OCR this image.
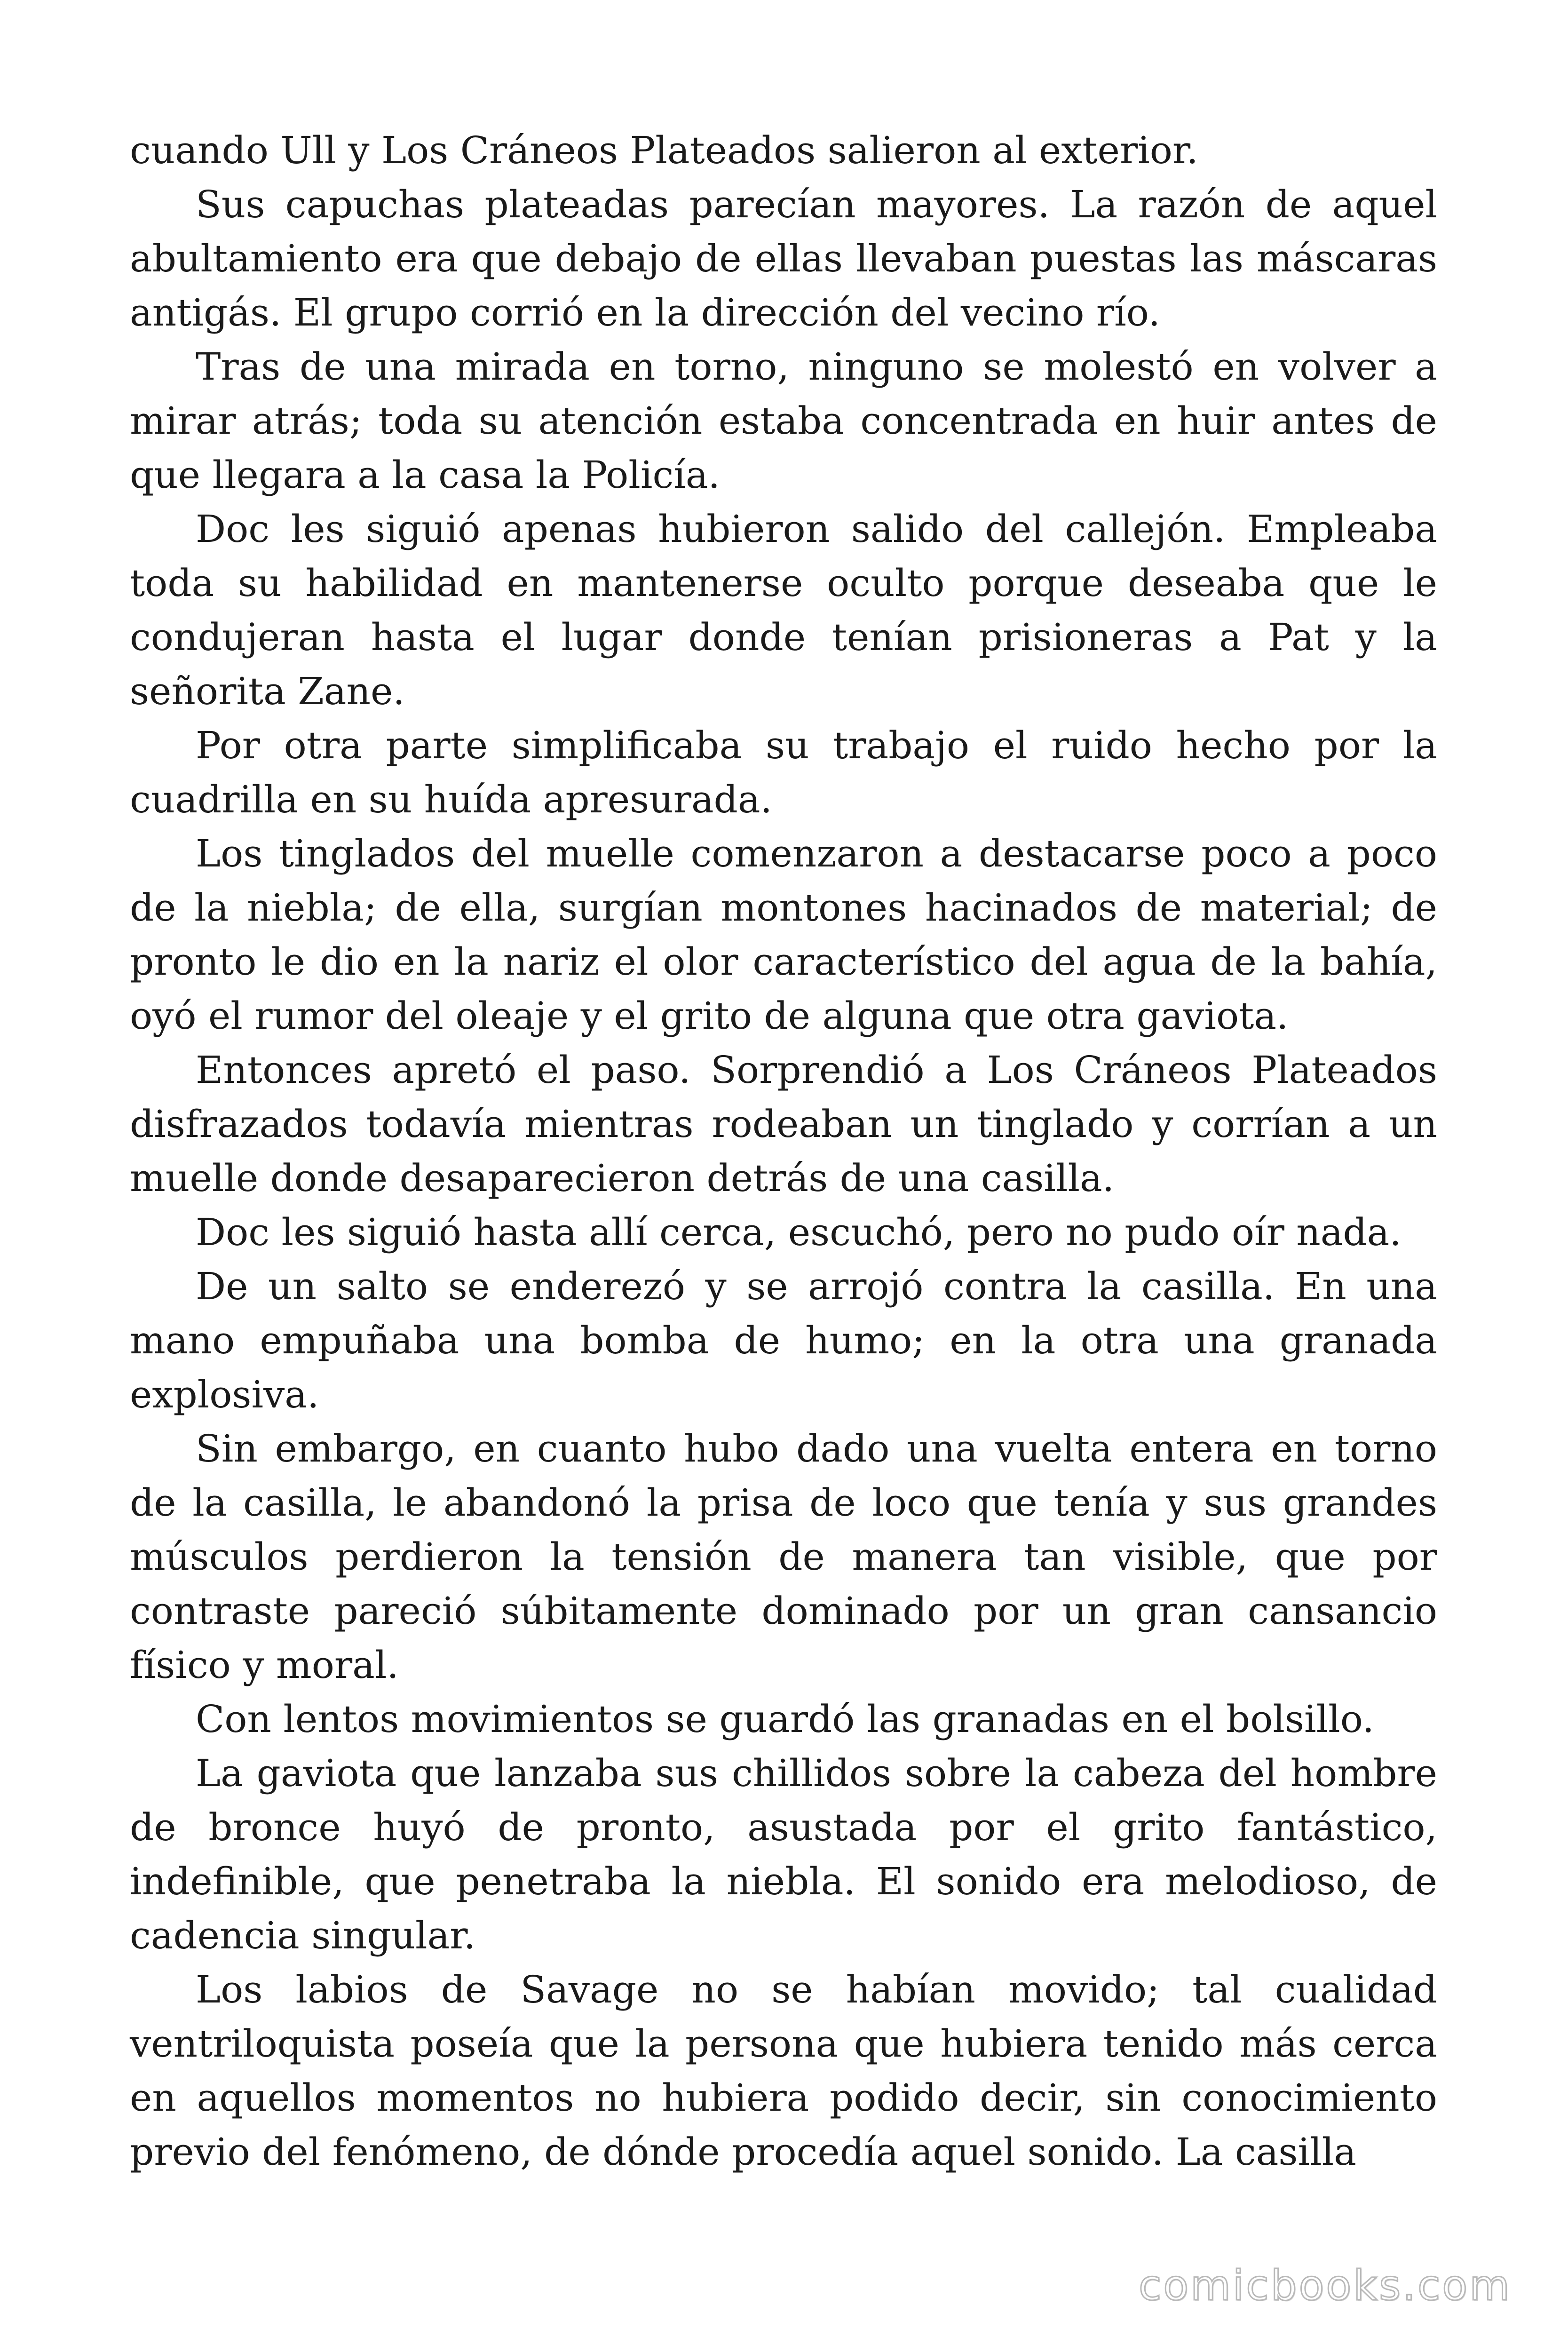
cuando Ull y Los Cráneos Plateados salieron al exterior.

Sus capuchas plateadas parecían mayores. La razón de aquel abultamiento era que debajo de ellas llevaban puestas las máscaras antigás. El grupo corrió en la dirección del vecino río.

Tras de una mirada en torno, ninguno se molestó en volver a mirar atrás; toda su atención estaba concentrada en huir antes de que llegara a la casa la Policía.

Doc les siguió apenas hubieron salido del callejón. Empleaba toda su habilidad en mantenerse oculto porque deseaba que le condujeran hasta el lugar donde tenían prisioneras a Pat y la señorita Zane.

Por otra parte simplificaba su trabajo el ruido hecho por la cuadrilla en su huída apresurada.

Los tinglados del muelle comenzaron a destacarse poco a poco de la niebla; de ella, surgían montones hacinados de material; de pronto le dio en la nariz el olor característico del agua de la bahía, oyó el rumor del oleaje y el grito de alguna que otra gaviota.

Entonces apretó el paso. Sorprendió a Los Cráneos Plateados disfrazados todavía mientras rodeaban un tinglado y corrían a un muelle donde desaparecieron detrás de una casilla.

Doc les siguió hasta allí cerca, escuchó, pero no pudo oír nada.

De un salto se enderezó y se arrojó contra la casilla. En una mano empuñaba una bomba de humo; en la otra una granada explosiva.

Sin embargo, en cuanto hubo dado una vuelta entera en torno de la casilla, le abandonó la prisa de loco que tenía y sus grandes músculos perdieron la tensión de manera tan visible, que por contraste pareció súbitamente dominado por un gran cansancio físico y moral.

Con lentos movimientos se guardó las granadas en el bolsillo.

La gaviota que lanzaba sus chillidos sobre la cabeza del hombre de bronce huyó de pronto, asustada por el grito fantástico, indefinible, que penetraba la niebla. El sonido era melodioso, de cadencia singular.

Los labios de Savage no se habían movido; tal cualidad ventriloquista poseía que la persona que hubiera tenido más cerca en aquellos momentos no hubiera podido decir, sin conocimiento previo del fenómeno, de dónde procedía aquel sonido. La casilla

comicbooks.com
